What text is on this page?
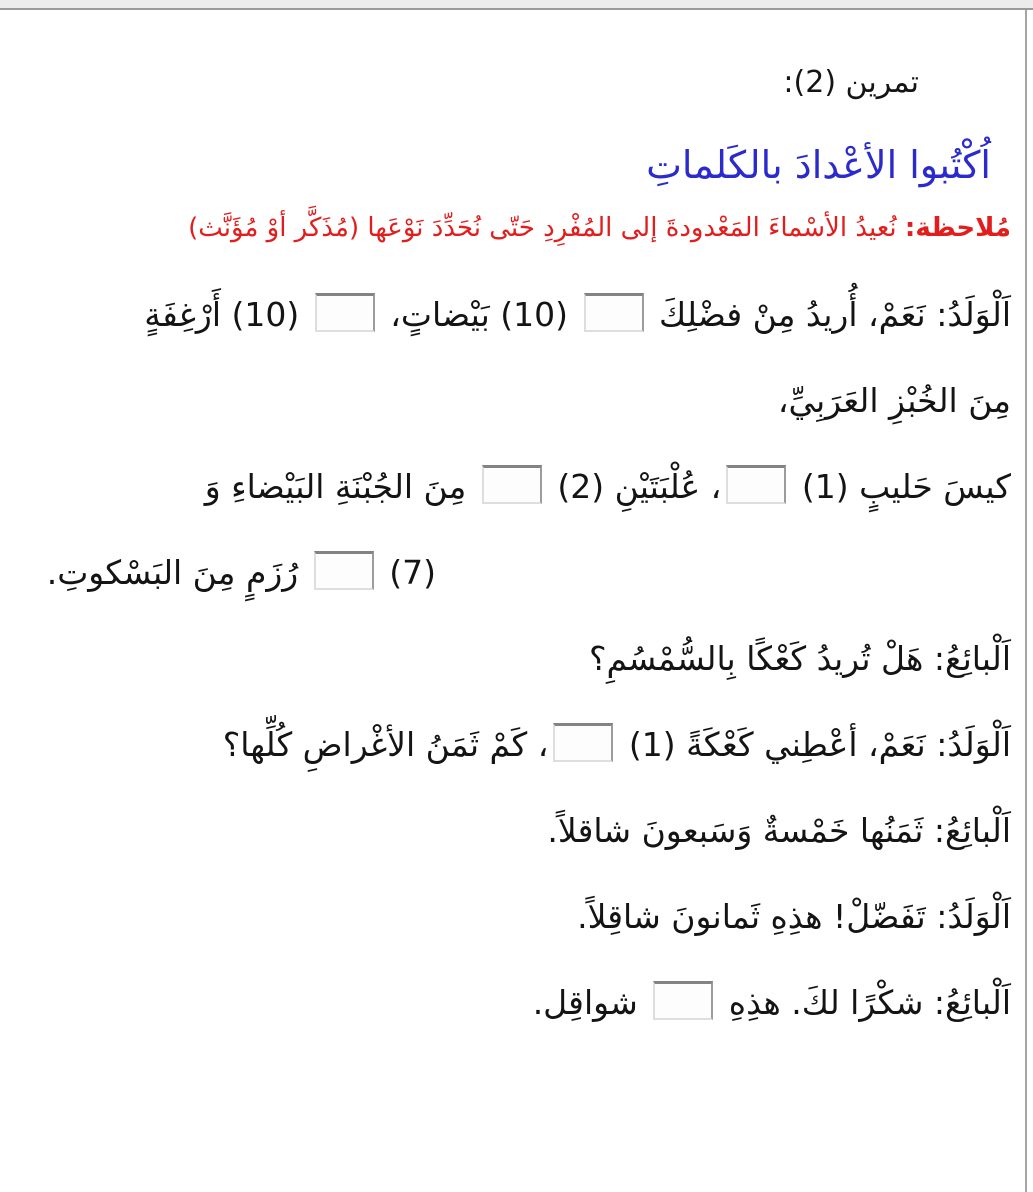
تمرين (2):
اُكْتُبوا الأعْدادَ بالكَلماتِ
مُلاحظة: نُعيدُ الأسْماءَ المَعْدودةَ إلى المُفْرِدِ حَتّى نُحَدِّدَ نَوْعَها (مُذَكَّر أوْ مُؤَنَّث)
اَلْوَلَدُ: نَعَمْ، أُريدُ مِنْ فضْلِكَ  (10) بَيْضاتٍ،  (10) أَرْغِفَةٍ
مِنَ الخُبْزِ العَرَبِيِّ،
كيسَ حَليبٍ (1) ، عُلْبَتَيْنِ (2)  مِنَ الجُبْنَةِ البَيْضاءِ وَ
(7)  رُزَمٍ مِنَ البَسْكوتِ.
اَلْبائِعُ: هَلْ تُريدُ كَعْكًا بِالسُّمْسُمِ؟
اَلْوَلَدُ: نَعَمْ، أعْطِني كَعْكَةً (1) ، كَمْ ثَمَنُ الأغْراضِ كُلِّها؟
اَلْبائِعُ: ثَمَنُها خَمْسةٌ وَسَبعونَ شاقلاً.
اَلْوَلَدُ: تَفَضّلْ! هذِهِ ثَمانونَ شاقِلاً.
اَلْبائِعُ: شكْرًا لكَ. هذِهِ  شواقِل.
